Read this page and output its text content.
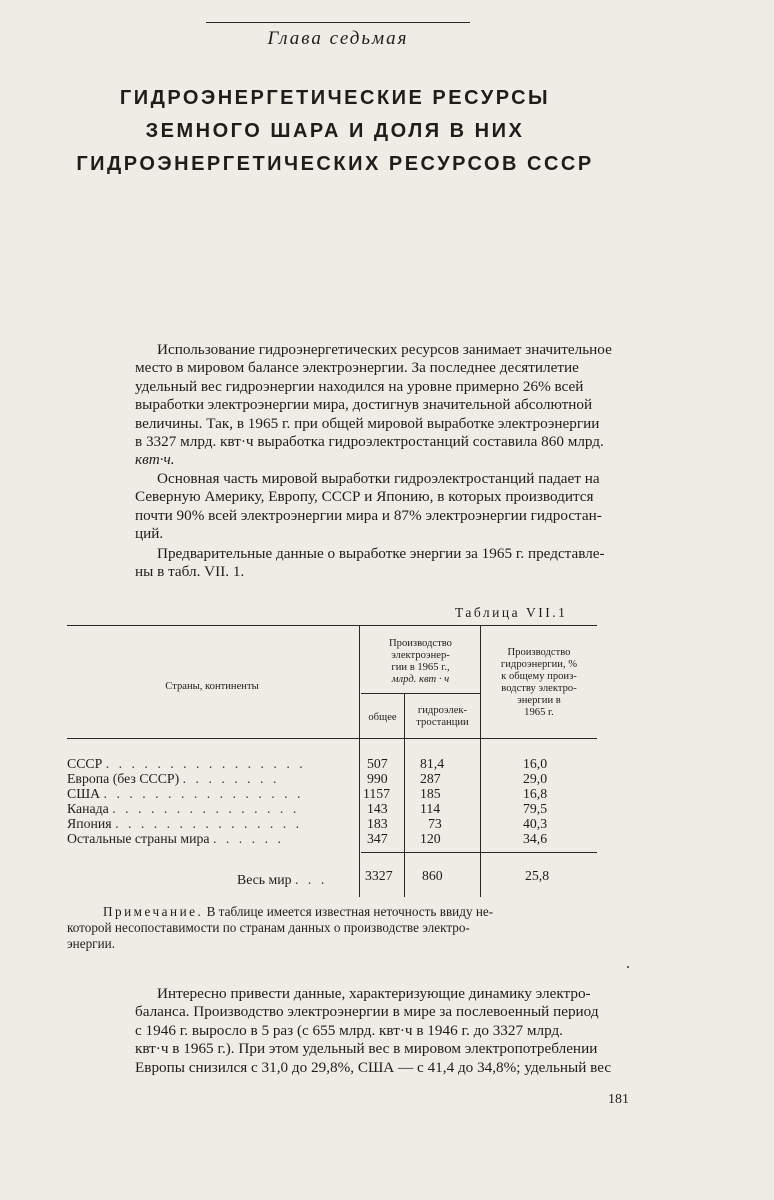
Глава седьмая
ГИДРОЭНЕРГЕТИЧЕСКИЕ РЕСУРСЫ
ЗЕМНОГО ШАРА И ДОЛЯ В НИХ
ГИДРОЭНЕРГЕТИЧЕСКИХ РЕСУРСОВ СССР
Использование гидроэнергетических ресурсов занимает значительное
место в мировом балансе электроэнергии. За последнее десятилетие
удельный вес гидроэнергии находился на уровне примерно 26% всей
выработки электроэнергии мира, достигнув значительной абсолютной
величины. Так, в 1965 г. при общей мировой выработке электроэнергии
в 3327 млрд. квт·ч выработка гидроэлектростанций составила 860 млрд.
квт·ч.
Основная часть мировой выработки гидроэлектростанций падает на
Северную Америку, Европу, СССР и Японию, в которых производится
почти 90% всей электроэнергии мира и 87% электроэнергии гидростан-
ций.
Предварительные данные о выработке энергии за 1965 г. представле-
ны в табл. VII. 1.
Таблица VII.1
Страны, континенты
Производство
электроэнер-
гии в 1965 г.,
млрд. квт · ч
общее
гидроэлек-
тростанции
Производство
гидроэнергии, %
к общему произ-
водству электро-
энергии в
1965 г.
СССР . . . . . . . . . . . . . . . .	507 81,4	16,0
Европа (без СССР) . . . . . . . .	990 287	29,0
США . . . . . . . . . . . . . . . .	1157 185	16,8
Канада . . . . . . . . . . . . . . .	143 114	79,5
Япония . . . . . . . . . . . . . . .	183	73	40,3
Остальные страны мира . . . . . .	347 120	34,6
Весь мир . . .	3327 860	25,8
Примечание. В таблице имеется известная неточность ввиду не-
которой несопоставимости по странам данных о производстве электро-
энергии.
Интересно привести данные, характеризующие динамику электро-
баланса. Производство электроэнергии в мире за послевоенный период
с 1946 г. выросло в 5 раз (с 655 млрд. квт·ч в 1946 г. до 3327 млрд.
квт·ч в 1965 г.). При этом удельный вес в мировом электропотреблении
Европы снизился с 31,0 до 29,8%, США — с 41,4 до 34,8%; удельный вес
181
